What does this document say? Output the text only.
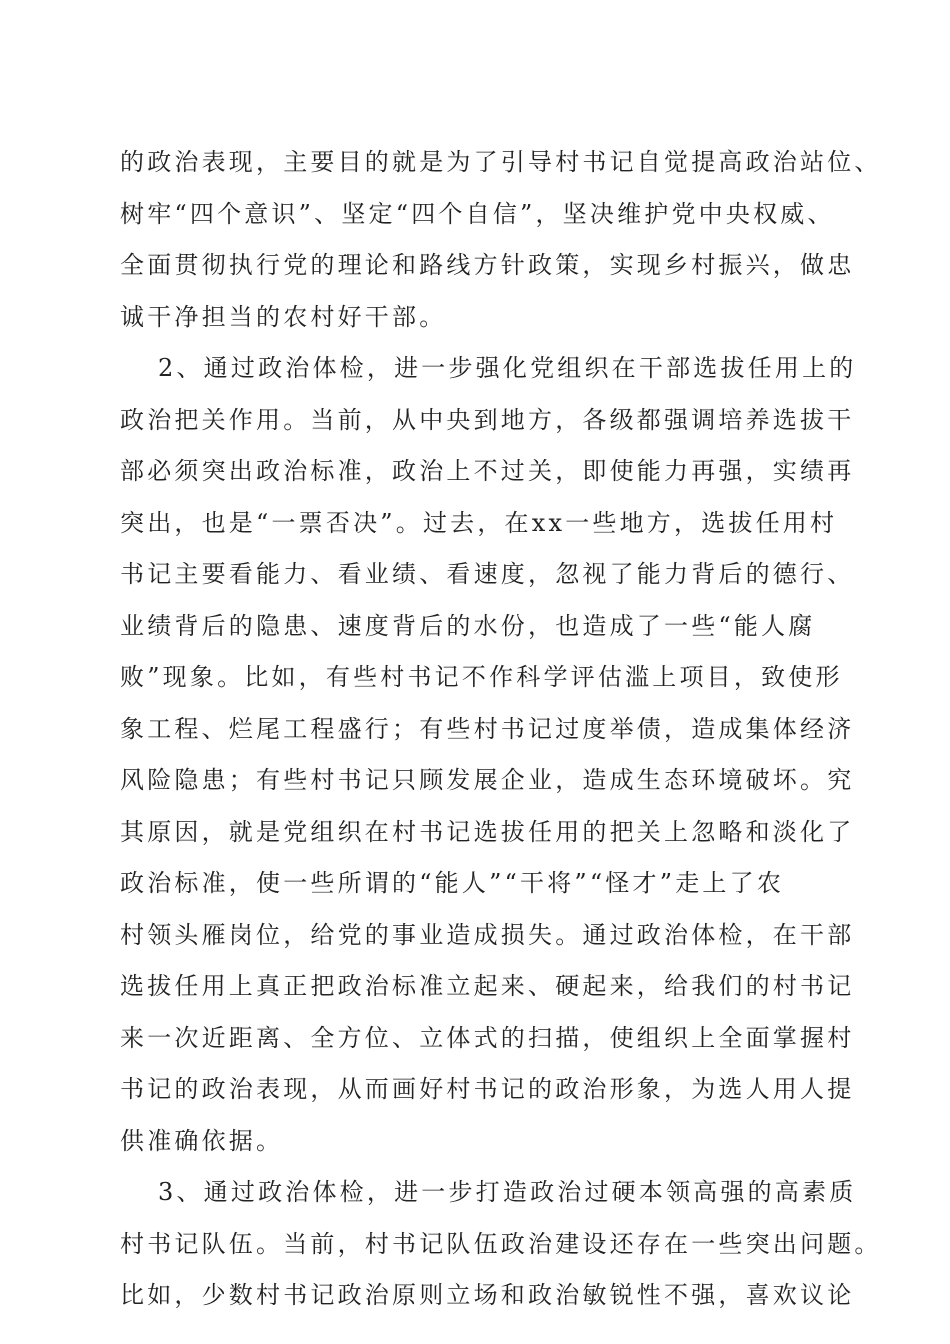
的政治表现，主要目的就是为了引导村书记自觉提高政治站位、
树牢“四个意识”、坚定“四个自信”，坚决维护党中央权威、
全面贯彻执行党的理论和路线方针政策，实现乡村振兴，做忠
诚干净担当的农村好干部。
2、通过政治体检，进一步强化党组织在干部选拔任用上的
政治把关作用。当前，从中央到地方，各级都强调培养选拔干
部必须突出政治标准，政治上不过关，即使能力再强，实绩再
突出，也是“一票否决”。过去，在xx一些地方，选拔任用村
书记主要看能力、看业绩、看速度，忽视了能力背后的德行、
业绩背后的隐患、速度背后的水份，也造成了一些“能人腐
败”现象。比如，有些村书记不作科学评估滥上项目，致使形
象工程、烂尾工程盛行；有些村书记过度举债，造成集体经济
风险隐患；有些村书记只顾发展企业，造成生态环境破坏。究
其原因，就是党组织在村书记选拔任用的把关上忽略和淡化了
政治标准，使一些所谓的“能人”“干将”“怪才”走上了农
村领头雁岗位，给党的事业造成损失。通过政治体检，在干部
选拔任用上真正把政治标准立起来、硬起来，给我们的村书记
来一次近距离、全方位、立体式的扫描，使组织上全面掌握村
书记的政治表现，从而画好村书记的政治形象，为选人用人提
供准确依据。
3、通过政治体检，进一步打造政治过硬本领高强的高素质
村书记队伍。当前，村书记队伍政治建设还存在一些突出问题。
比如，少数村书记政治原则立场和政治敏锐性不强，喜欢议论
